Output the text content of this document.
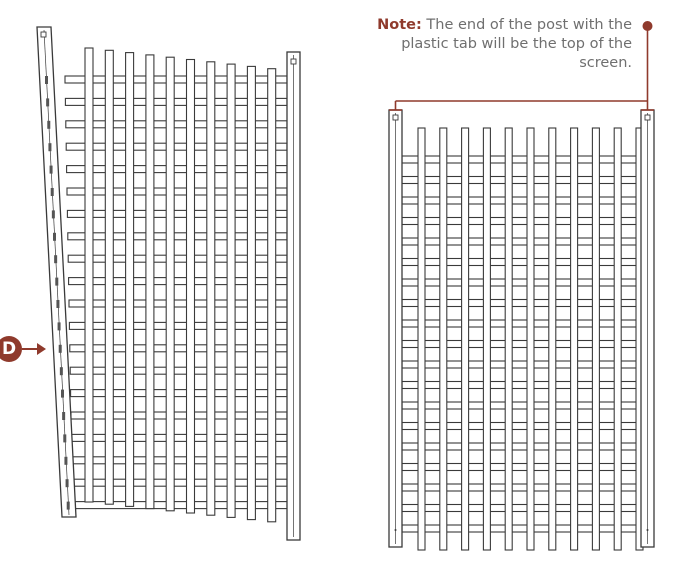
Note: The end of the post with the plastic tab will be the top of the screen.
D
